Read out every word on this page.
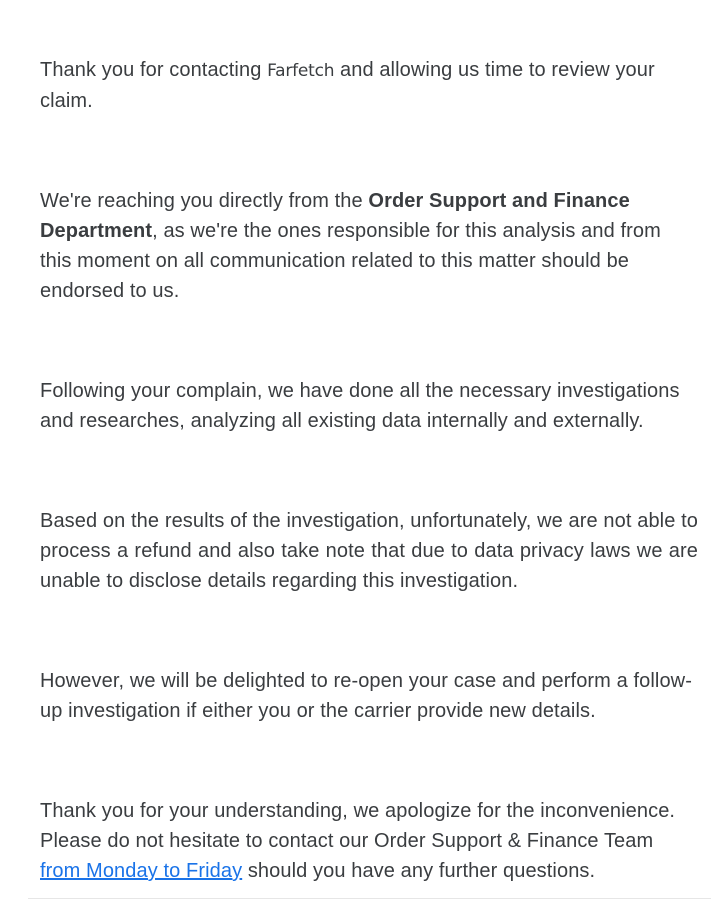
Thank you for contacting Farfetch and allowing us time to review your claim.

We're reaching you directly from the Order Support and Finance Department, as we're the ones responsible for this analysis and from this moment on all communication related to this matter should be endorsed to us.

Following your complain, we have done all the necessary investigations and researches, analyzing all existing data internally and externally.

Based on the results of the investigation, unfortunately, we are not able to process a refund and also take note that due to data privacy laws we are unable to disclose details regarding this investigation.

However, we will be delighted to re-open your case and perform a follow-up investigation if either you or the carrier provide new details.

Thank you for your understanding, we apologize for the inconvenience. Please do not hesitate to contact our Order Support & Finance Team from Monday to Friday should you have any further questions.
